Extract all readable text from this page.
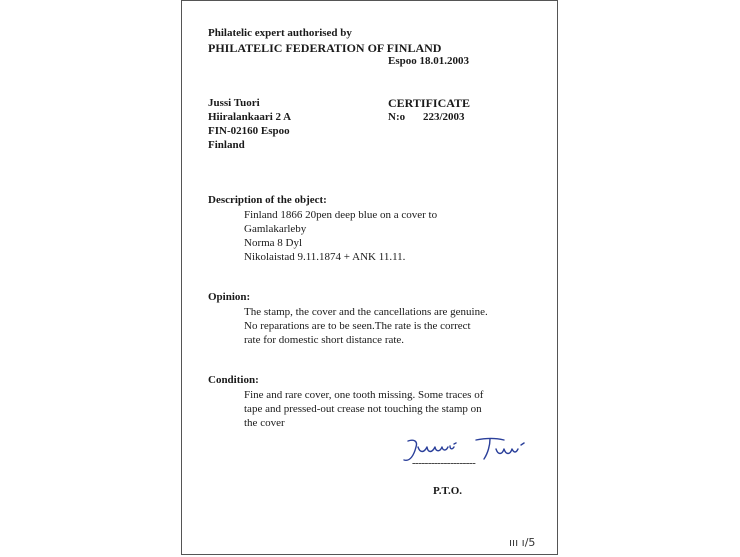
Philatelic expert authorised by
PHILATELIC FEDERATION OF FINLAND
Espoo 18.01.2003
Jussi Tuori
Hiiralankaari 2 A
FIN-02160 Espoo
Finland
CERTIFICATE
N:o 223/2003
Description of the object:
Finland 1866 20pen deep blue on a cover to
Gamlakarleby
Norma 8 Dyl
Nikolaistad 9.11.1874 + ANK 11.11.
Opinion:
The stamp, the cover and the cancellations are genuine.
No reparations are to be seen.The rate is the correct
rate for domestic short distance rate.
Condition:
Fine and rare cover, one tooth missing. Some traces of
tape and pressed-out crease not touching the stamp on
the cover
--------------------
P.T.O.
ııı ı/5
